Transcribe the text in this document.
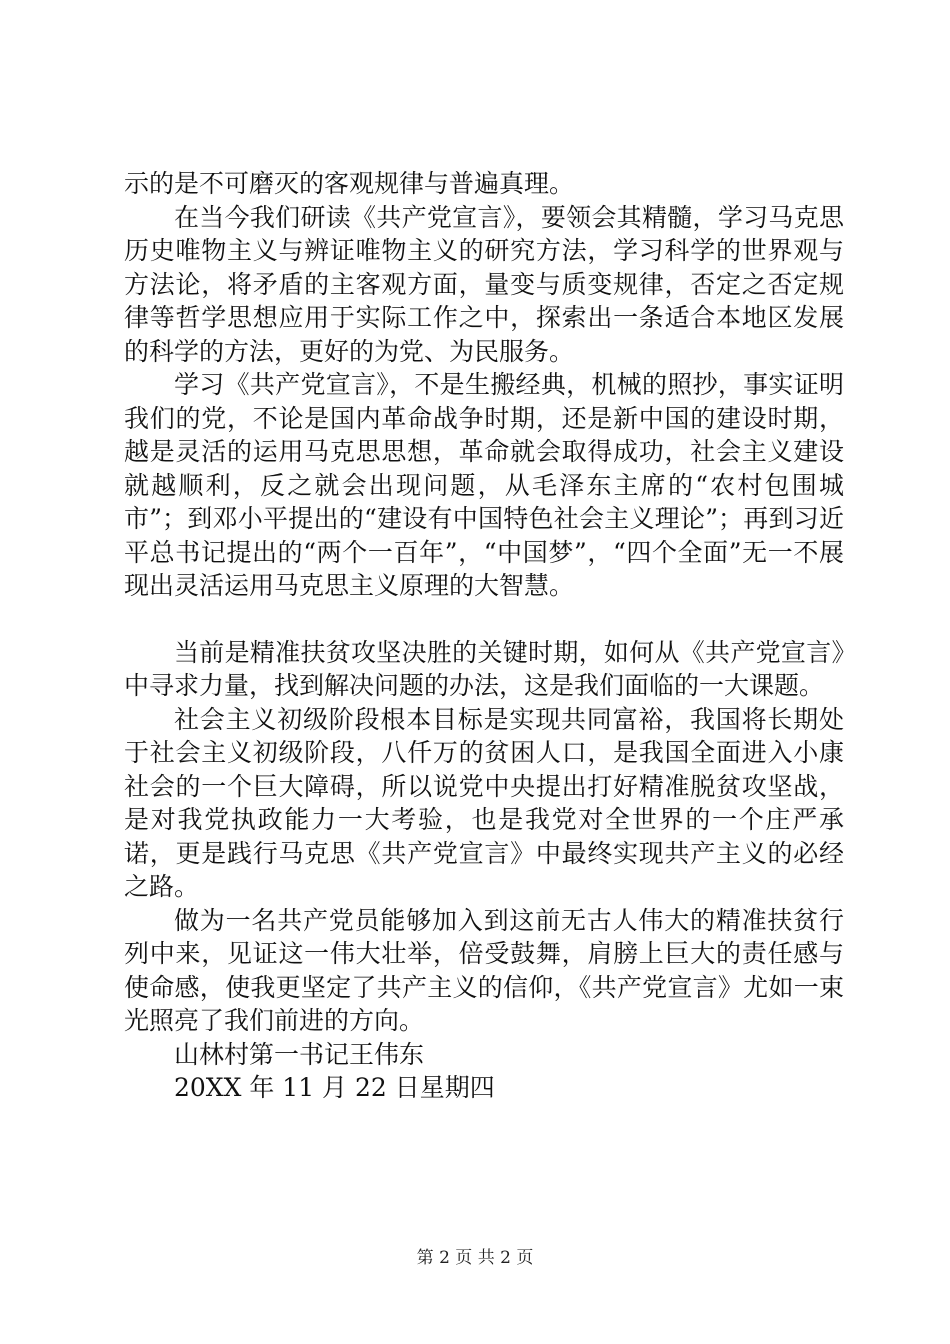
示的是不可磨灭的客观规律与普遍真理。

在当今我们研读《共产党宣言》，要领会其精髓，学习马克思历史唯物主义与辨证唯物主义的研究方法，学习科学的世界观与方法论，将矛盾的主客观方面，量变与质变规律，否定之否定规律等哲学思想应用于实际工作之中，探索出一条适合本地区发展的科学的方法，更好的为党、为民服务。

学习《共产党宣言》，不是生搬经典，机械的照抄，事实证明我们的党，不论是国内革命战争时期，还是新中国的建设时期，越是灵活的运用马克思思想，革命就会取得成功，社会主义建设就越顺利，反之就会出现问题，从毛泽东主席的“农村包围城市”；到邓小平提出的“建设有中国特色社会主义理论”；再到习近平总书记提出的“两个一百年”，“中国梦”，“四个全面”无一不展现出灵活运用马克思主义原理的大智慧。

当前是精准扶贫攻坚决胜的关键时期，如何从《共产党宣言》中寻求力量，找到解决问题的办法，这是我们面临的一大课题。

社会主义初级阶段根本目标是实现共同富裕，我国将长期处于社会主义初级阶段，八仟万的贫困人口，是我国全面进入小康社会的一个巨大障碍，所以说党中央提出打好精准脱贫攻坚战，是对我党执政能力一大考验，也是我党对全世界的一个庄严承诺，更是践行马克思《共产党宣言》中最终实现共产主义的必经之路。

做为一名共产党员能够加入到这前无古人伟大的精准扶贫行列中来，见证这一伟大壮举，倍受鼓舞，肩膀上巨大的责任感与使命感，使我更坚定了共产主义的信仰，《共产党宣言》尤如一束光照亮了我们前进的方向。

山林村第一书记王伟东

20XX 年 11 月 22 日星期四

第 2 页 共 2 页
